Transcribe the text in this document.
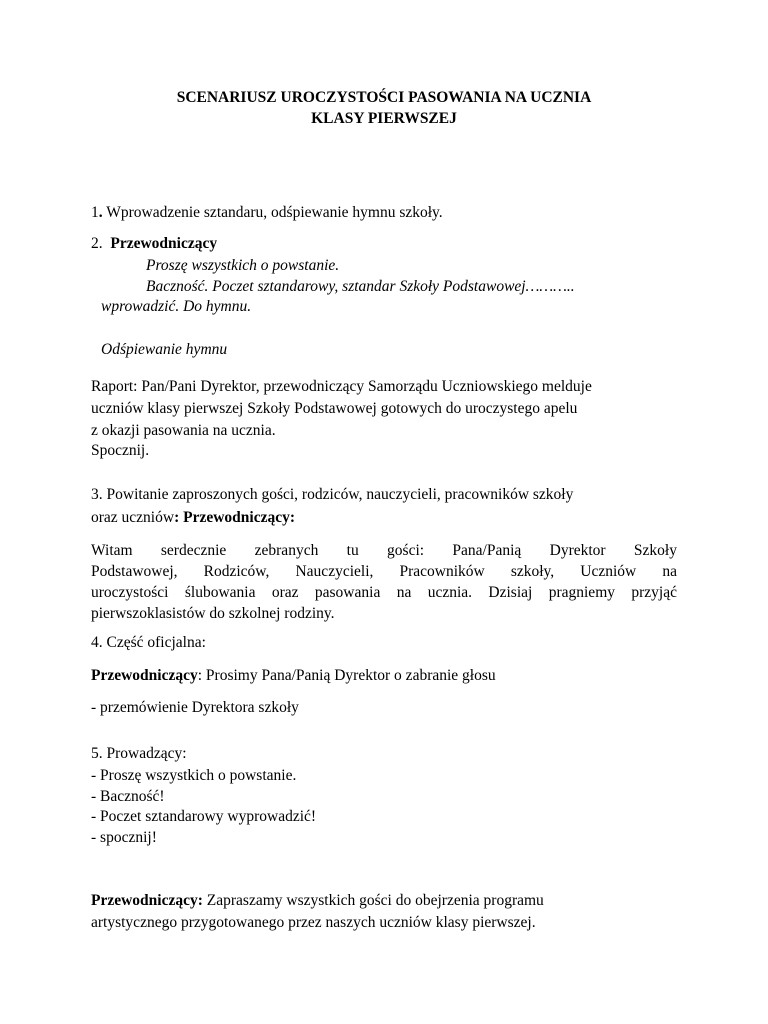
SCENARIUSZ UROCZYSTOŚCI PASOWANIA NA UCZNIA
KLASY PIERWSZEJ
1. Wprowadzenie sztandaru, odśpiewanie hymnu szkoły.
2. Przewodniczący
Proszę wszystkich o powstanie.
Baczność. Poczet sztandarowy, sztandar Szkoły Podstawowej………..
wprowadzić. Do hymnu.
Odśpiewanie hymnu
Raport: Pan/Pani Dyrektor, przewodniczący Samorządu Uczniowskiego melduje
uczniów klasy pierwszej Szkoły Podstawowej gotowych do uroczystego apelu
z okazji pasowania na ucznia.
Spocznij.
3. Powitanie zaproszonych gości, rodziców, nauczycieli, pracowników szkoły
oraz uczniów: Przewodniczący:
Witam serdecznie zebranych tu gości: Pana/Panią Dyrektor Szkoły
Podstawowej, Rodziców, Nauczycieli, Pracowników szkoły, Uczniów na
uroczystości ślubowania oraz pasowania na ucznia. Dzisiaj pragniemy przyjąć
pierwszoklasistów do szkolnej rodziny.
4. Część oficjalna:
Przewodniczący: Prosimy Pana/Panią Dyrektor o zabranie głosu
- przemówienie Dyrektora szkoły
5. Prowadzący:
- Proszę wszystkich o powstanie.
- Baczność!
- Poczet sztandarowy wyprowadzić!
- spocznij!
Przewodniczący: Zapraszamy wszystkich gości do obejrzenia programu
artystycznego przygotowanego przez naszych uczniów klasy pierwszej.
